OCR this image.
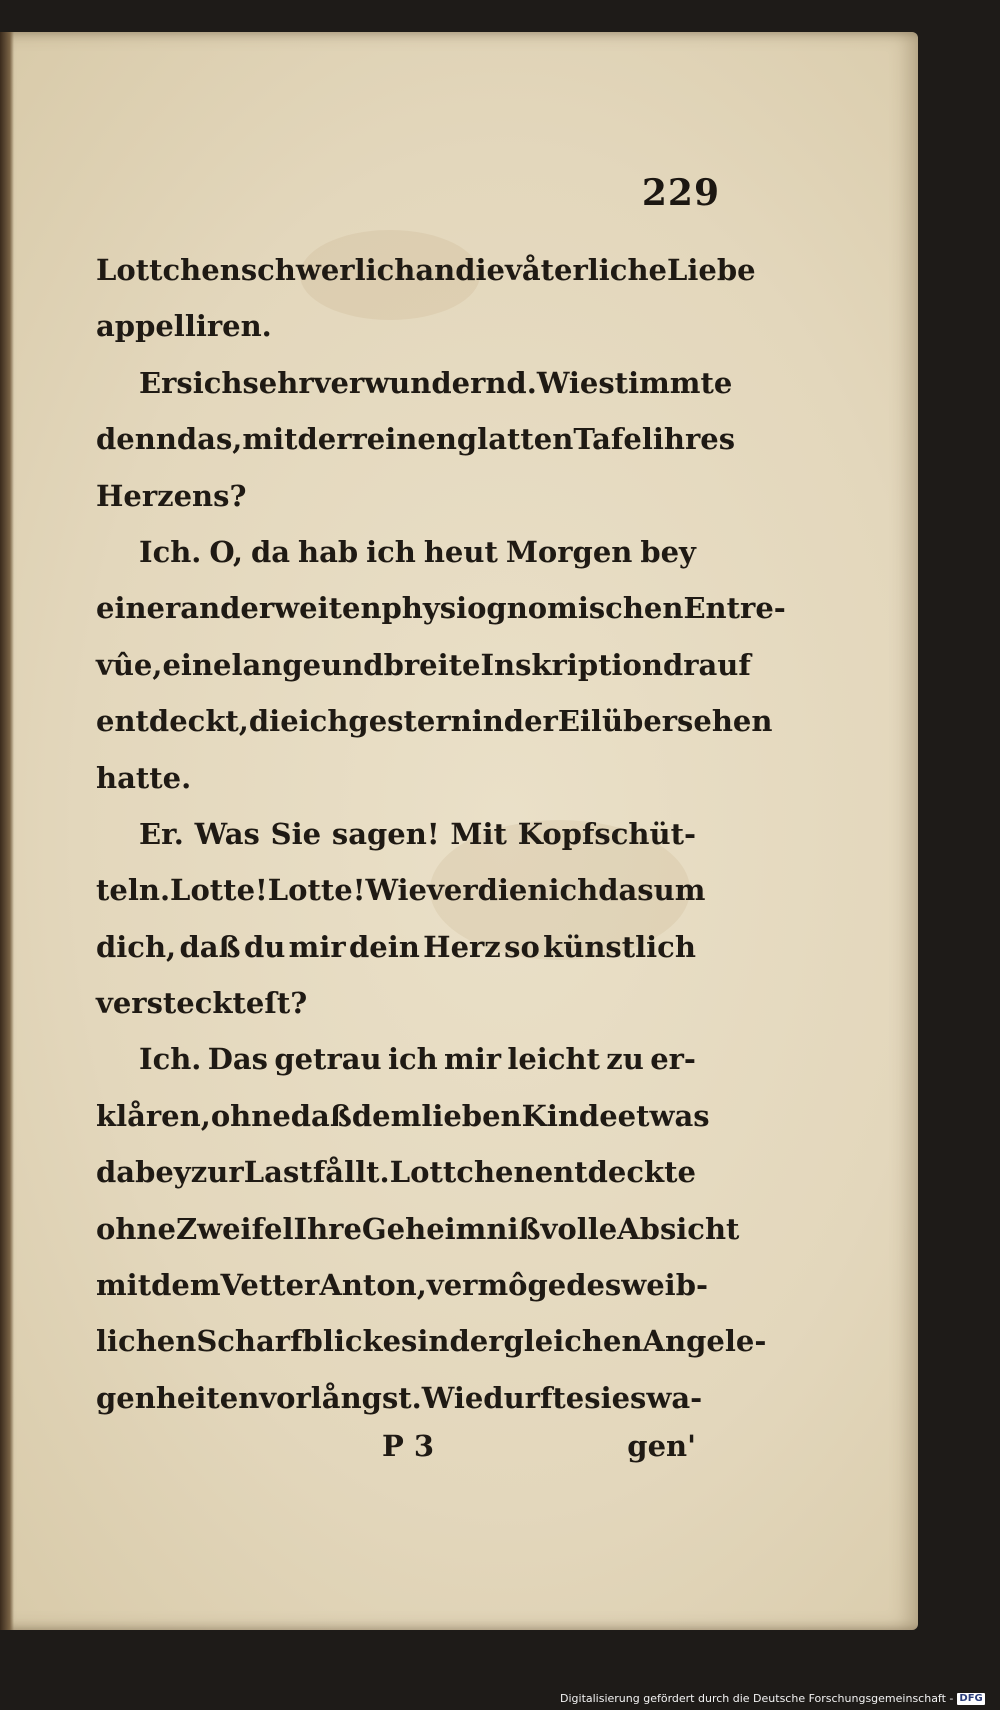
229
Lottchen schwerlich an die våterliche Liebe
appelliren.
Er sich sehr verwundernd. Wie stimmte
denn das, mit der reinen glatten Tafel ihres
Herzens?
Ich. O, da hab ich heut Morgen bey
einer anderweiten physiognomischen Entre-
vûe, eine lange und breite Inskription drauf
entdeckt, die ich gestern in der Eil übersehen
hatte.
Er. Was Sie sagen! Mit Kopfschüt-
teln. Lotte! Lotte! Wie verdien ich das um
dich, daß du mir dein Herz so künstlich
versteckteſt?
Ich. Das getrau ich mir leicht zu er-
klåren, ohne daß dem lieben Kinde etwas
dabey zur Last fållt. Lottchen entdeckte
ohne Zweifel Ihre Geheimnißvolle Absicht
mit dem Vetter Anton, vermôge des weib-
lichen Scharfblickes in dergleichen Angele-
genheiten vorlångst. Wie durfte sies wa-
P 3	gen'
Digitalisierung gefördert durch die Deutsche Forschungsgemeinschaft - DFG
